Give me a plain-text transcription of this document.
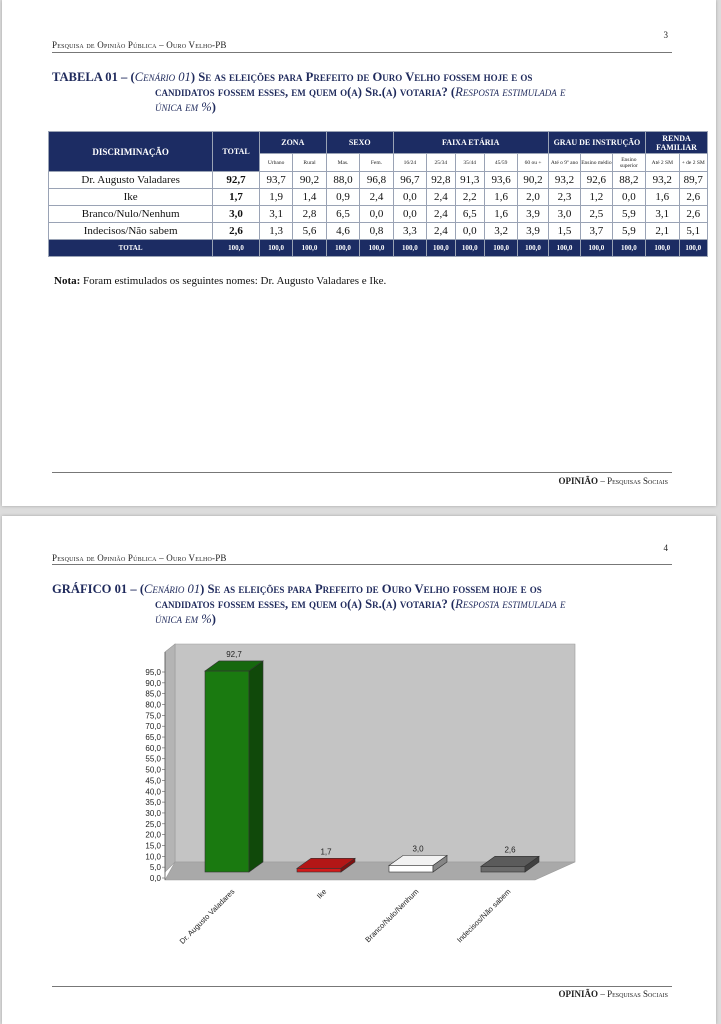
3
Pesquisa de Opinião Pública – Ouro Velho-PB
TABELA 01 – (Cenário 01) Se as eleições para Prefeito de Ouro Velho fossem hoje e os
candidatos fossem esses, em quem o(a) Sr.(a) votaria? (Resposta estimulada e
única em %)
DISCRIMINAÇÃO	TOTAL	ZONA		SEXO		FAIXA ETÁRIA					GRAU DE INSTRUÇÃO			RENDA FAMILIAR	
		Urbano	Rural	Mas.	Fem.	16/24	25/34	35/44	45/59	60 ou +	Até o 9º ano	Ensino médio	Ensino superior	Até 2 SM	+ de 2 SM
Dr. Augusto Valadares	92,7	93,7	90,2	88,0	96,8	96,7	92,8	91,3	93,6	90,2	93,2	92,6	88,2	93,2	89,7
Ike	1,7	1,9	1,4	0,9	2,4	0,0	2,4	2,2	1,6	2,0	2,3	1,2	0,0	1,6	2,6
Branco/Nulo/Nenhum	3,0	3,1	2,8	6,5	0,0	0,0	2,4	6,5	1,6	3,9	3,0	2,5	5,9	3,1	2,6
Indecisos/Não sabem	2,6	1,3	5,6	4,6	0,8	3,3	2,4	0,0	3,2	3,9	1,5	3,7	5,9	2,1	5,1
TOTAL	100,0	100,0	100,0	100,0	100,0	100,0	100,0	100,0	100,0	100,0	100,0	100,0	100,0	100,0	100,0
Nota: Foram estimulados os seguintes nomes: Dr. Augusto Valadares e Ike.
OPINIÃO – Pesquisas Sociais
4
Pesquisa de Opinião Pública – Ouro Velho-PB
GRÁFICO 01 – (Cenário 01) Se as eleições para Prefeito de Ouro Velho fossem hoje e os
candidatos fossem esses, em quem o(a) Sr.(a) votaria? (Resposta estimulada e
única em %)
0,0
5,0
10,0
15,0
20,0
25,0
30,0
35,0
40,0
45,0
50,0
55,0
60,0
65,0
70,0
75,0
80,0
85,0
90,0
95,0
92,7
1,7	3,0	2,6
Dr. Augusto Valadares	Ike	Branco/Nulo/Nenhum	Indecisos/Não sabem
OPINIÃO – Pesquisas Sociais
